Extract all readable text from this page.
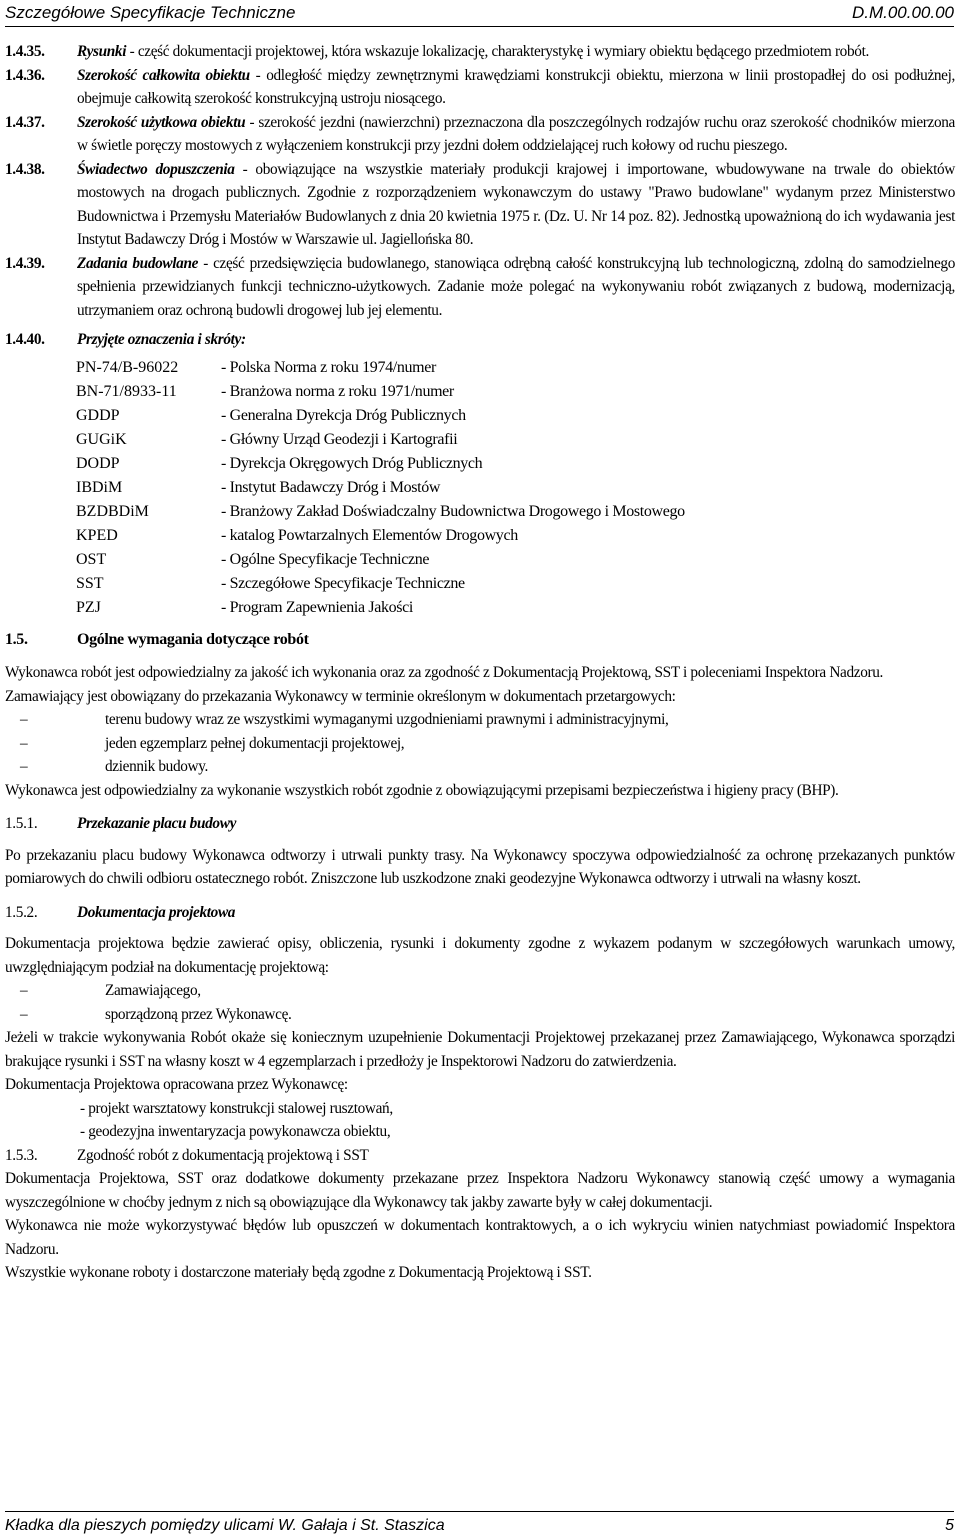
Szczegółowe Specyfikacje Techniczne	D.M.00.00.00
1.4.35.	Rysunki - część dokumentacji projektowej, która wskazuje lokalizację, charakterystykę i wymiary obiektu będącego przedmiotem robót.
1.4.36.	Szerokość całkowita obiektu - odległość między zewnętrznymi krawędziami konstrukcji obiektu, mierzona w linii prostopadłej do osi podłużnej, obejmuje całkowitą szerokość konstrukcyjną ustroju niosącego.
1.4.37.	Szerokość użytkowa obiektu - szerokość jezdni (nawierzchni) przeznaczona dla poszczególnych rodzajów ruchu oraz szerokość chodników mierzona w świetle poręczy mostowych z wyłączeniem konstrukcji przy jezdni dołem oddzielającej ruch kołowy od ruchu pieszego.
1.4.38.	Świadectwo dopuszczenia - obowiązujące na wszystkie materiały produkcji krajowej i importowane, wbudowywane na trwale do obiektów mostowych na drogach publicznych. Zgodnie z rozporządzeniem wykonawczym do ustawy "Prawo budowlane" wydanym przez Ministerstwo Budownictwa i Przemysłu Materiałów Budowlanych z dnia 20 kwietnia 1975 r. (Dz. U. Nr 14 poz. 82). Jednostką upoważnioną do ich wydawania jest Instytut Badawczy Dróg i Mostów w Warszawie ul. Jagiellońska 80.
1.4.39.	Zadania budowlane - część przedsięwzięcia budowlanego, stanowiąca odrębną całość konstrukcyjną lub technologiczną, zdolną do samodzielnego spełnienia przewidzianych funkcji techniczno-użytkowych. Zadanie może polegać na wykonywaniu robót związanych z budową, modernizacją, utrzymaniem oraz ochroną budowli drogowej lub jej elementu.
1.4.40.	Przyjęte oznaczenia i skróty:
PN-74/B-96022	- Polska Norma z roku 1974/numer
BN-71/8933-11	- Branżowa norma z roku 1971/numer
GDDP	- Generalna Dyrekcja Dróg Publicznych
GUGiK	- Główny Urząd Geodezji i Kartografii
DODP	- Dyrekcja Okręgowych Dróg Publicznych
IBDiM	- Instytut Badawczy Dróg i Mostów
BZDBDiM	- Branżowy Zakład Doświadczalny Budownictwa Drogowego i Mostowego
KPED	- katalog Powtarzalnych Elementów Drogowych
OST	- Ogólne Specyfikacje Techniczne
SST	- Szczegółowe Specyfikacje Techniczne
PZJ	- Program Zapewnienia Jakości
1.5.	Ogólne wymagania dotyczące robót

Wykonawca robót jest odpowiedzialny za jakość ich wykonania oraz za zgodność z Dokumentacją Projektową, SST i poleceniami Inspektora Nadzoru.

Zamawiający jest obowiązany do przekazania Wykonawcy w terminie określonym w dokumentach przetargowych:

–	terenu budowy wraz ze wszystkimi wymaganymi uzgodnieniami prawnymi i administracyjnymi,
–	jeden egzemplarz pełnej dokumentacji projektowej,
–	dziennik budowy.

Wykonawca jest odpowiedzialny za wykonanie wszystkich robót zgodnie z obowiązującymi przepisami bezpieczeństwa i higieny pracy (BHP).

1.5.1.	Przekazanie placu budowy

Po przekazaniu placu budowy Wykonawca odtworzy i utrwali punkty trasy. Na Wykonawcy spoczywa odpowiedzialność za ochronę przekazanych punktów pomiarowych do chwili odbioru ostatecznego robót. Zniszczone lub uszkodzone znaki geodezyjne Wykonawca odtworzy i utrwali na własny koszt.

1.5.2.	Dokumentacja projektowa

Dokumentacja projektowa będzie zawierać opisy, obliczenia, rysunki i dokumenty zgodne z wykazem podanym w szczegółowych warunkach umowy, uwzględniającym podział na dokumentację projektową:

–	Zamawiającego,
–	sporządzoną przez Wykonawcę.

Jeżeli w trakcie wykonywania Robót okaże się koniecznym uzupełnienie Dokumentacji Projektowej przekazanej przez Zamawiającego, Wykonawca sporządzi brakujące rysunki i SST na własny koszt w 4 egzemplarzach i przedłoży je Inspektorowi Nadzoru do zatwierdzenia.

Dokumentacja Projektowa opracowana przez Wykonawcę:

- projekt warsztatowy konstrukcji stalowej rusztowań,
- geodezyjna inwentaryzacja powykonawcza obiektu,
1.5.3.	Zgodność robót z dokumentacją projektową i SST

Dokumentacja Projektowa, SST oraz dodatkowe dokumenty przekazane przez Inspektora Nadzoru Wykonawcy stanowią część umowy a wymagania wyszczególnione w choćby jednym z nich są obowiązujące dla Wykonawcy tak jakby zawarte były w całej dokumentacji.

Wykonawca nie może wykorzystywać błędów lub opuszczeń w dokumentach kontraktowych, a o ich wykryciu winien natychmiast powiadomić Inspektora Nadzoru.

Wszystkie wykonane roboty i dostarczone materiały będą zgodne z Dokumentacją Projektową i SST.

Kładka dla pieszych pomiędzy ulicami W. Gałaja i St. Staszica	5
